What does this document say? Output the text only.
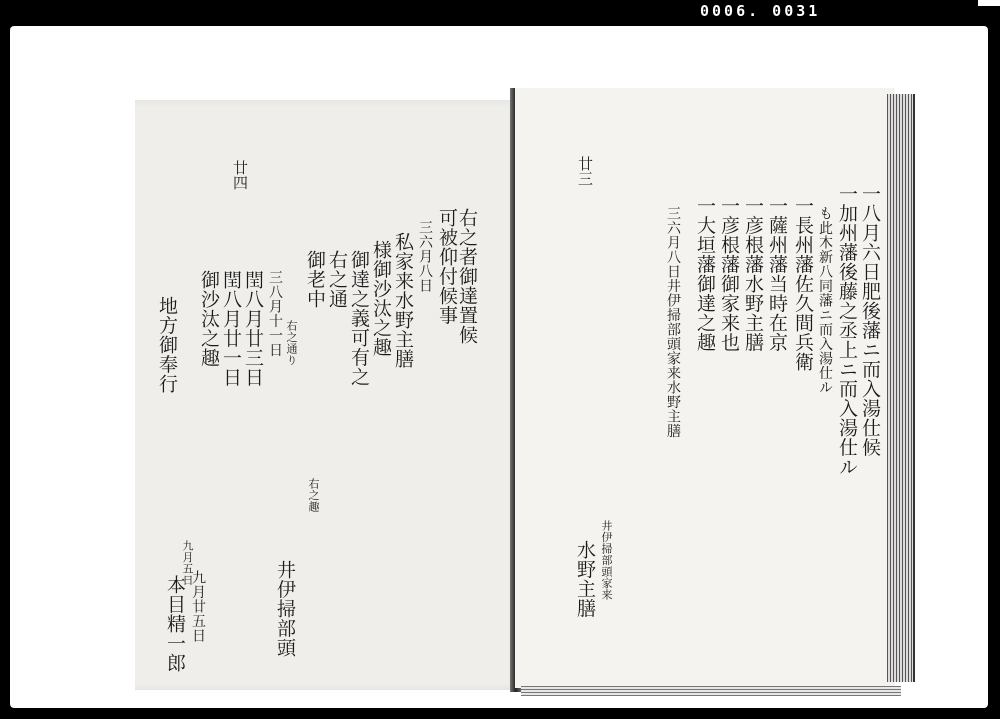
0006. 0031
廿四
右之者御達置候
可被仰付候事
三六月八日
私家来水野主膳
様御沙汰之趣
御達之義可有之
右之通
御老中
三八月十一日
閏八月廿三日
閏八月廿一日
御沙汰之趣
地方御奉行	右之通り
九月五日
右之趣
井伊掃部頭
九月廿五日
本目精一郎
廿三
一八月六日肥後藩ニ而入湯仕候
一加州藩後藤之丞上ニ而入湯仕ル
も此木新八同藩ニ而入湯仕ル
一長州藩佐久間兵衛
一薩州藩当時在京
一彦根藩水野主膳
一彦根藩御家来也
一大垣藩御達之趣
三六月八日井伊掃部頭家来水野主膳
井伊掃部頭家来
水野主膳
